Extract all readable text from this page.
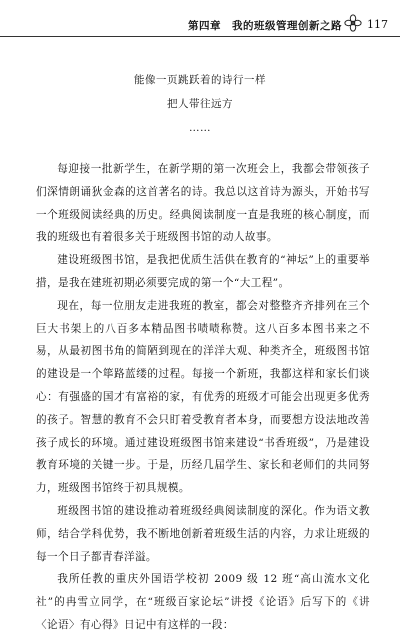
第四章　我的班级管理创新之路 117
能像一页跳跃着的诗行一样
把人带往远方
……

每迎接一批新学生，在新学期的第一次班会上，我都会带领孩子们深情朗诵狄金森的这首著名的诗。我总以这首诗为源头，开始书写一个班级阅读经典的历史。经典阅读制度一直是我班的核心制度，而我的班级也有着很多关于班级图书馆的动人故事。

建设班级图书馆，是我把优质生活供在教育的“神坛”上的重要举措，是我在建班初期必须要完成的第一个“大工程”。

现在，每一位朋友走进我班的教室，都会对整整齐齐排列在三个巨大书架上的八百多本精品图书啧啧称赞。这八百多本图书来之不易，从最初图书角的简陋到现在的洋洋大观、种类齐全，班级图书馆的建设是一个筚路蓝缕的过程。每接一个新班，我都这样和家长们谈心：有强盛的国才有富裕的家，有优秀的班级才可能会出现更多优秀的孩子。智慧的教育不会只盯着受教育者本身，而要想方设法地改善孩子成长的环境。通过建设班级图书馆来建设“书香班级”，乃是建设教育环境的关键一步。于是，历经几届学生、家长和老师们的共同努力，班级图书馆终于初具规模。

班级图书馆的建设推动着班级经典阅读制度的深化。作为语文教师，结合学科优势，我不断地创新着班级生活的内容，力求让班级的每一个日子都青春洋溢。

我所任教的重庆外国语学校初 2009 级 12 班“高山流水文化社”的冉雪立同学，在“班级百家论坛”讲授《论语》后写下的《讲〈论语〉有心得》日记中有这样的一段：
